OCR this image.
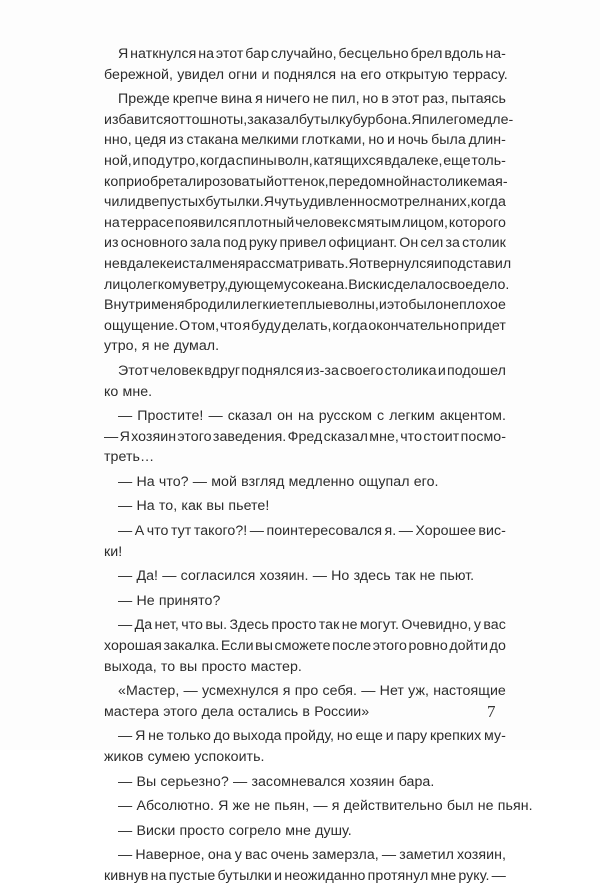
Я наткнулся на этот бар случайно, бесцельно брел вдоль на-
бережной, увидел огни и поднялся на его открытую террасу.
Прежде крепче вина я ничего не пил, но в этот раз, пытаясь
избавится от тошноты, заказал бутылку бурбона. Я пил его медле-
нно, цедя из стакана мелкими глотками, но и ночь была длин-
ной, и под утро, когда спины волн, катящихся вдалеке, еще толь-
ко приобретали розоватый оттенок, передо мной на столике мая-
чили две пустых бутылки. Я чуть удивленно смотрел на них, когда
на террасе появился плотный человек с мятым лицом, которого
из основного зала под руку привел официант. Он сел за столик
невдалеке и стал меня рассматривать. Я отвернулся и подставил
лицо легкому ветру, дующему с океана. Виски сделало свое дело.
Внутри меня бродили легкие теплые волны, и это было неплохое
ощущение. О том, что я буду делать, когда окончательно придет
утро, я не думал.
Этот человек вдруг поднялся из-за своего столика и подошел
ко мне.
— Простите! — сказал он на русском с легким акцентом.
— Я хозяин этого заведения. Фред сказал мне, что стоит посмо-
треть…
— На что? — мой взгляд медленно ощупал его.
— На то, как вы пьете!
— А что тут такого?! — поинтересовался я. — Хорошее вис-
ки!
— Да! — согласился хозяин. — Но здесь так не пьют.
— Не принято?
— Да нет, что вы. Здесь просто так не могут. Очевидно, у вас
хорошая закалка. Если вы сможете после этого ровно дойти до
выхода, то вы просто мастер.
«Мастер, — усмехнулся я про себя. — Нет уж, настоящие
мастера этого дела остались в России»
— Я не только до выхода пройду, но еще и пару крепких му-
жиков сумею успокоить.
— Вы серьезно? — засомневался хозяин бара.
— Абсолютно. Я же не пьян, — я действительно был не пьян.
— Виски просто согрело мне душу.
— Наверное, она у вас очень замерзла, — заметил хозяин,
кивнув на пустые бутылки и неожиданно протянул мне руку. —
7
